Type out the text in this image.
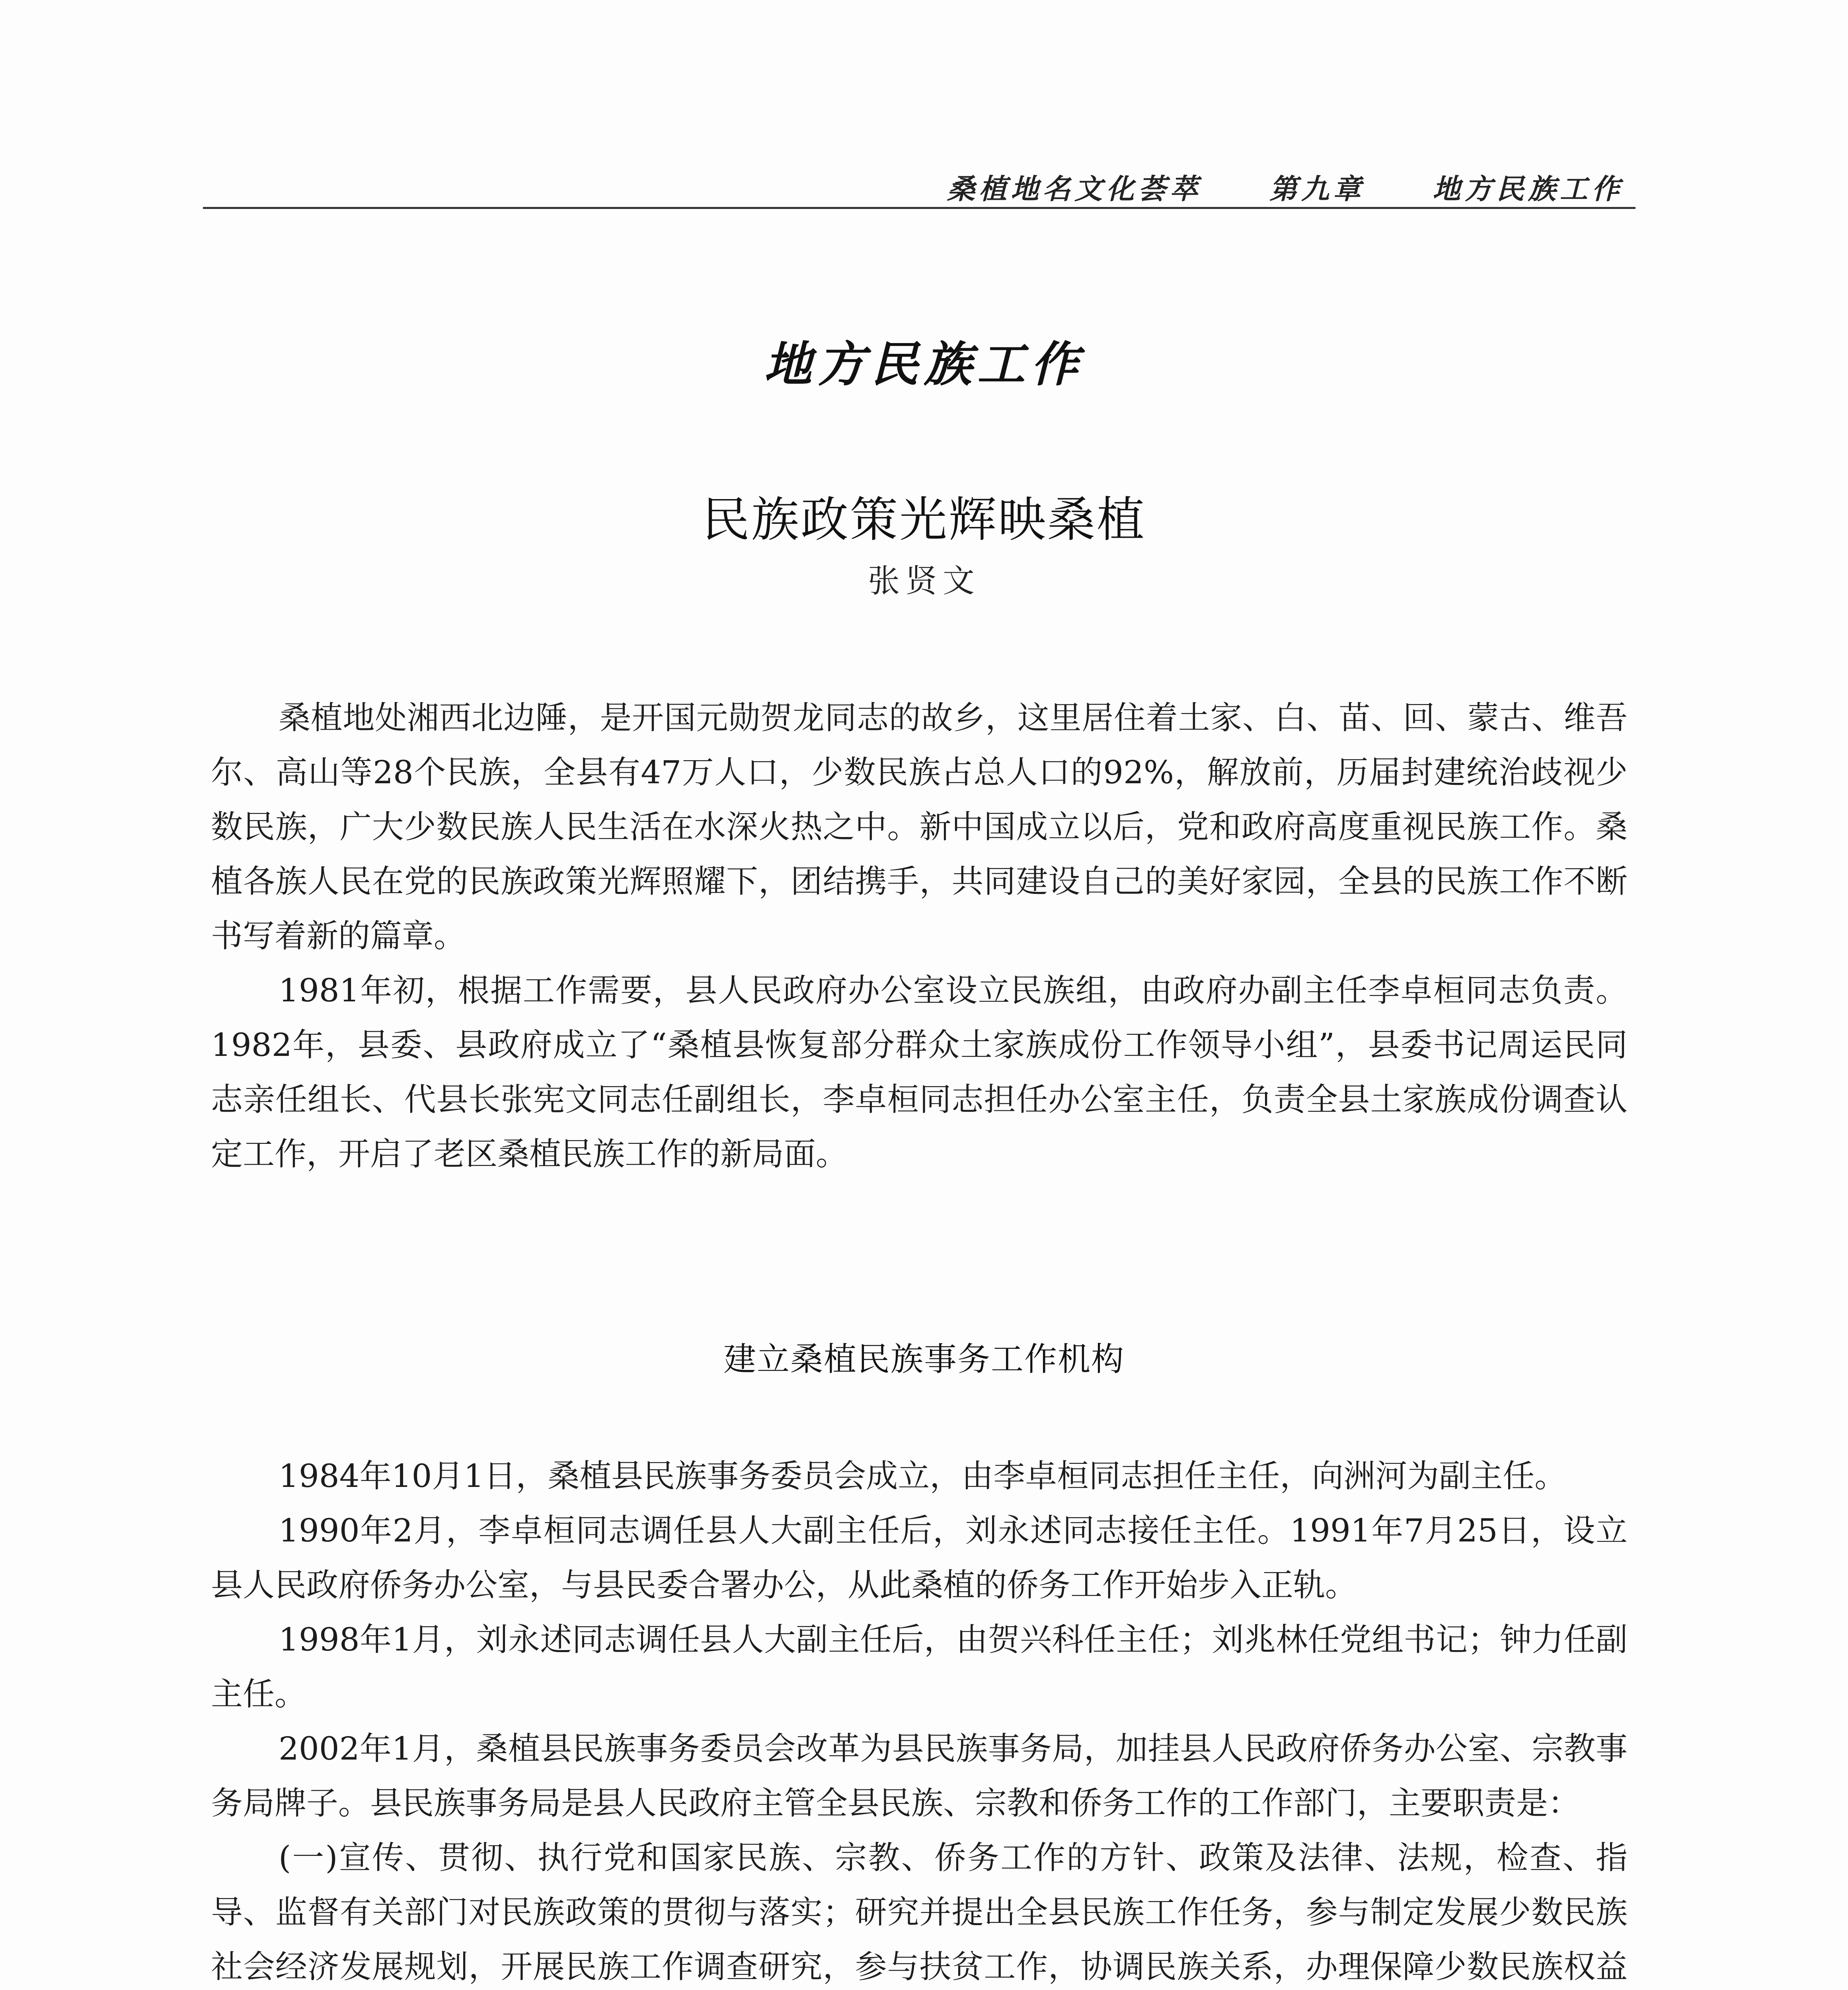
桑植地名文化荟萃 第九章 地方民族工作
地方民族工作
民族政策光辉映桑植
张贤文

桑植地处湘西北边陲，是开国元勋贺龙同志的故乡，这里居住着土家、白、苗、回、蒙古、维吾尔、高山等28个民族，全县有47万人口，少数民族占总人口的92%，解放前，历届封建统治歧视少数民族，广大少数民族人民生活在水深火热之中。新中国成立以后，党和政府高度重视民族工作。桑植各族人民在党的民族政策光辉照耀下，团结携手，共同建设自己的美好家园，全县的民族工作不断书写着新的篇章。

1981年初，根据工作需要，县人民政府办公室设立民族组，由政府办副主任李卓桓同志负责。1982年，县委、县政府成立了“桑植县恢复部分群众土家族成份工作领导小组”，县委书记周运民同志亲任组长、代县长张宪文同志任副组长，李卓桓同志担任办公室主任，负责全县土家族成份调查认定工作，开启了老区桑植民族工作的新局面。

建立桑植民族事务工作机构

1984年10月1日，桑植县民族事务委员会成立，由李卓桓同志担任主任，向洲河为副主任。

1990年2月，李卓桓同志调任县人大副主任后，刘永述同志接任主任。1991年7月25日，设立县人民政府侨务办公室，与县民委合署办公，从此桑植的侨务工作开始步入正轨。

1998年1月，刘永述同志调任县人大副主任后，由贺兴科任主任；刘兆林任党组书记；钟力任副主任。

2002年1月，桑植县民族事务委员会改革为县民族事务局，加挂县人民政府侨务办公室、宗教事务局牌子。县民族事务局是县人民政府主管全县民族、宗教和侨务工作的工作部门，主要职责是：

(一)宣传、贯彻、执行党和国家民族、宗教、侨务工作的方针、政策及法律、法规，检查、指导、监督有关部门对民族政策的贯彻与落实；研究并提出全县民族工作任务，参与制定发展少数民族社会经济发展规划，开展民族工作调查研究，参与扶贫工作，协调民族关系，办理保障少数民族权益
